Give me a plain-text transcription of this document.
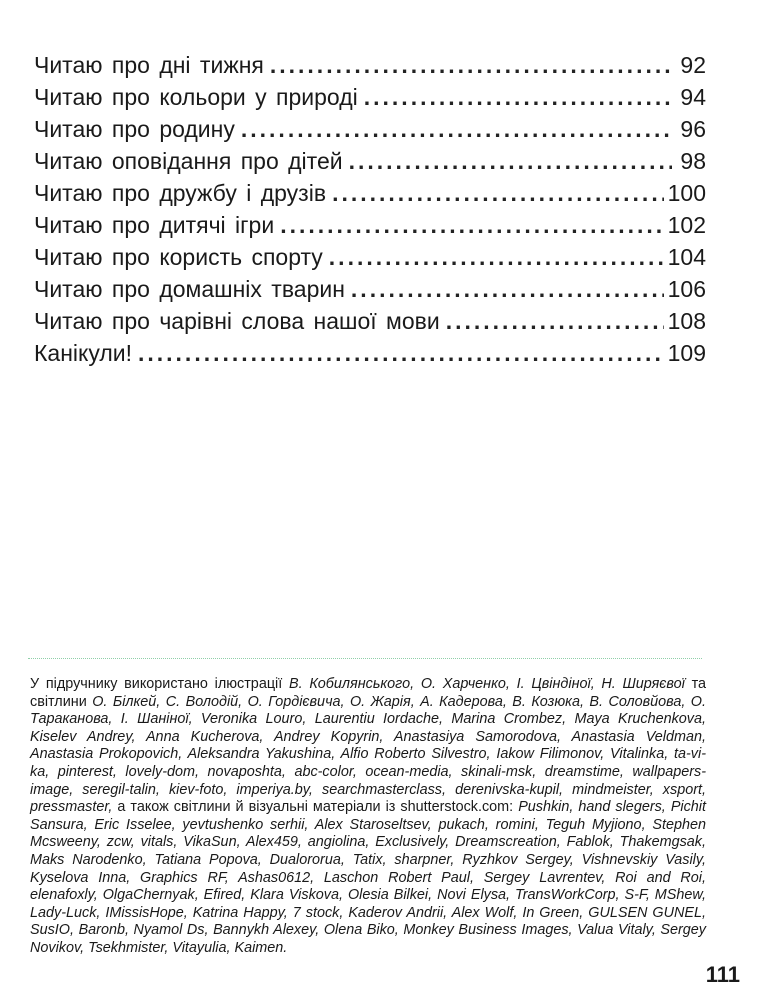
Читаю про дні тижня .....	92
Читаю про кольори у природі .....	94
Читаю про родину .....	96
Читаю оповідання про дітей .....	98
Читаю про дружбу і друзів .....	100
Читаю про дитячі ігри .....	102
Читаю про користь спорту .....	104
Читаю про домашніх тварин .....	106
Читаю про чарівні слова нашої мови .....	108
Канікули! .....	109
У підручнику використано ілюстрації В. Кобилянського, О. Харченко, І. Цвіндіної, Н. Ширяєвої та світлини О. Білкей, С. Володій, О. Гордієвича, О. Жарія, А. Кадерова, В. Козюка, В. Соловйова, О. Тараканова, І. Шаніної, Veronika Louro, Laurentiu Iordache, Marina Crombez, Maya Kruchenkova, Kiselev Andrey, Anna Kucherova, Andrey Kopyrin, Anastasiya Samorodova, Anastasia Veldman, Anastasia Prokopovich, Aleksandra Yakushina, Alfio Roberto Silvestro, Iakow Filimonov, Vitalinka, ta-vi-ka, pinterest, lovely-dom, novaposhta, abc-color, ocean-media, skinali-msk, dreamstime, wallpapers-image, seregil-talin, kiev-foto, imperiya.by, searchmasterclass, derenivska-kupil, mindmeister, xsport, pressmaster, а також світлини й візуальні матеріали із shutterstock.com: Pushkin, hand slegers, Pichit Sansura, Eric Isselee, yevtushenko serhii, Alex Staroseltsev, pukach, romini, Teguh Myjiono, Stephen Mcsweeny, zcw, vitals, VikaSun, Alex459, angiolina, Exclusively, Dreamscreation, Fablok, Thakemgsak, Maks Narodenko, Tatiana Popova, Dualororua, Tatix, sharpner, Ryzhkov Sergey, Vishnevskiy Vasily, Kyselova Inna, Graphics RF, Ashas0612, Laschon Robert Paul, Sergey Lavrentev, Roi and Roi, elenafoxly, OlgaChernyak, Efired, Klara Viskova, Olesia Bilkei, Novi Elysa, TransWorkCorp, S-F, MShew, Lady-Luck, IMissisHope, Katrina Happy, 7 stock, Kaderov Andrii, Alex Wolf, In Green, GULSEN GUNEL, SusIO, Baronb, Nyamol Ds, Bannykh Alexey, Olena Biko, Monkey Business Images, Valua Vitaly, Sergey Novikov, Tsekhmister, Vitayulia, Kaimen.
111
